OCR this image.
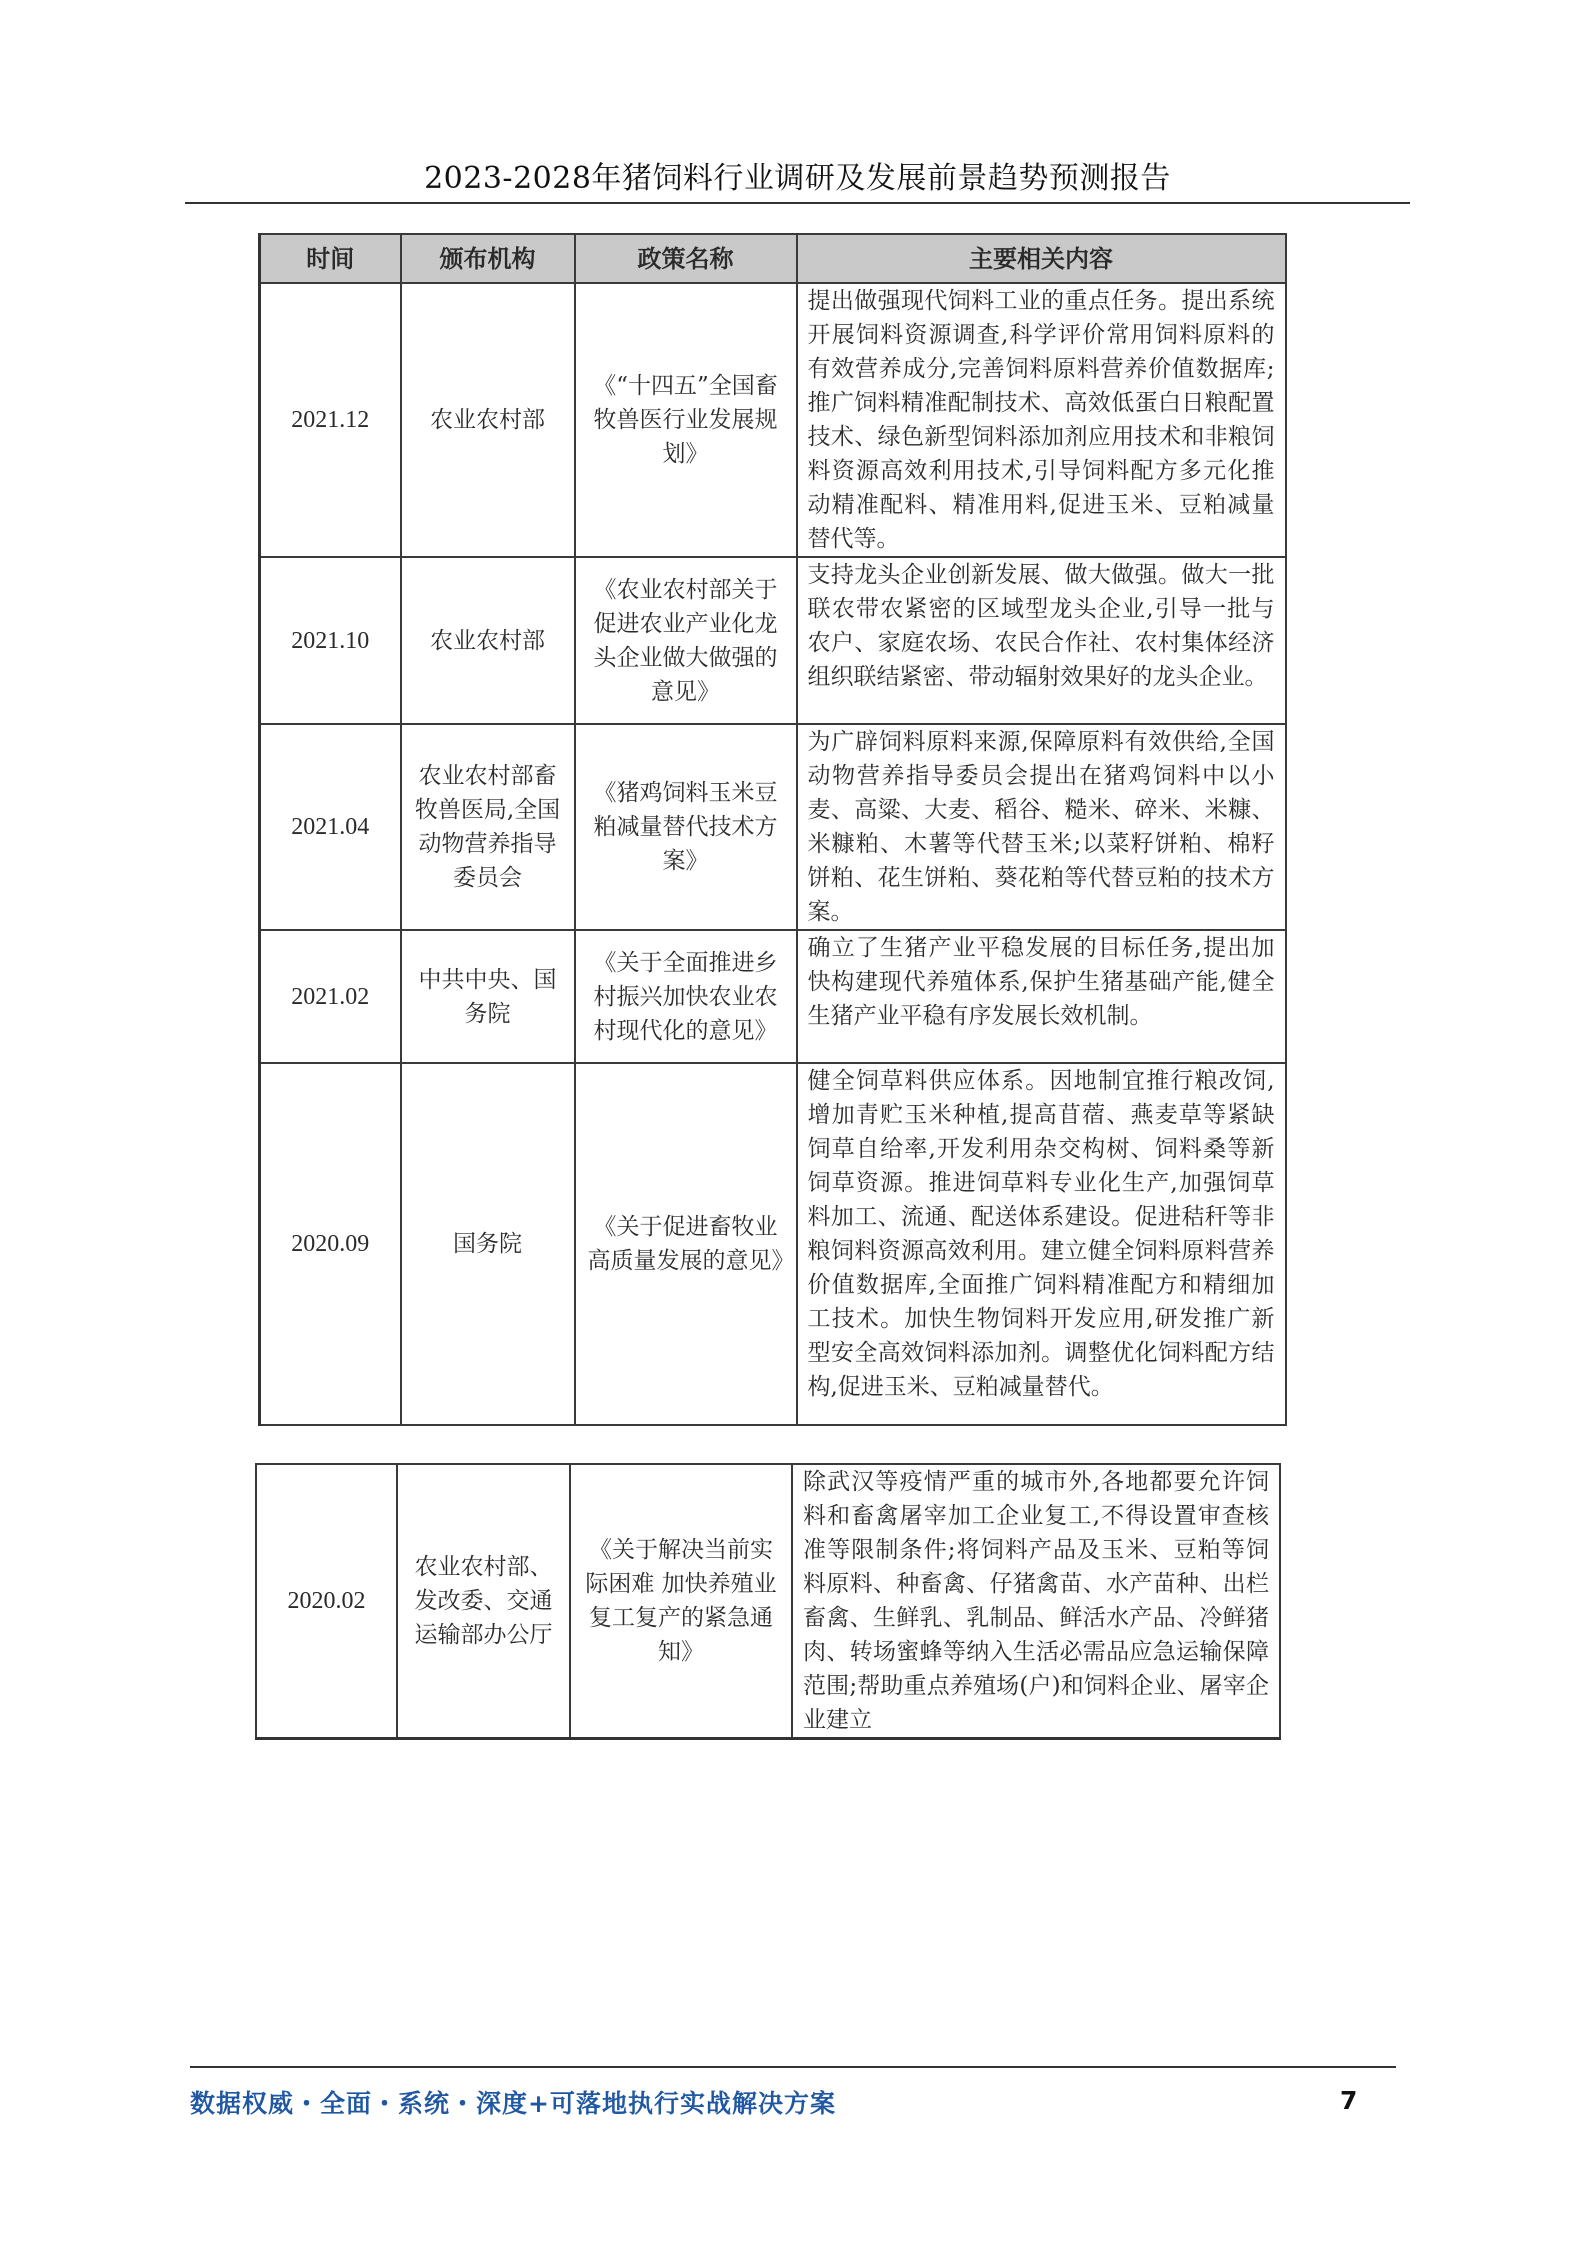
2023-2028年猪饲料行业调研及发展前景趋势预测报告
时间	颁布机构	政策名称	主要相关内容
2021.12	农业农村部	《“十四五”全国畜牧兽医行业发展规划》	提出做强现代饲料工业的重点任务。提出系统开展饲料资源调查,科学评价常用饲料原料的有效营养成分,完善饲料原料营养价值数据库;推广饲料精准配制技术、高效低蛋白日粮配置技术、绿色新型饲料添加剂应用技术和非粮饲料资源高效利用技术,引导饲料配方多元化推动精准配料、精准用料,促进玉米、豆粕减量替代等。
2021.10	农业农村部	《农业农村部关于促进农业产业化龙头企业做大做强的意见》	支持龙头企业创新发展、做大做强。做大一批联农带农紧密的区域型龙头企业,引导一批与农户、家庭农场、农民合作社、农村集体经济组织联结紧密、带动辐射效果好的龙头企业。
2021.04	农业农村部畜牧兽医局,全国动物营养指导委员会	《猪鸡饲料玉米豆粕减量替代技术方案》	为广辟饲料原料来源,保障原料有效供给,全国动物营养指导委员会提出在猪鸡饲料中以小麦、高粱、大麦、稻谷、糙米、碎米、米糠、米糠粕、木薯等代替玉米;以菜籽饼粕、棉籽饼粕、花生饼粕、葵花粕等代替豆粕的技术方案。
2021.02	中共中央、国务院	《关于全面推进乡村振兴加快农业农村现代化的意见》	确立了生猪产业平稳发展的目标任务,提出加快构建现代养殖体系,保护生猪基础产能,健全生猪产业平稳有序发展长效机制。
2020.09	国务院	《关于促进畜牧业高质量发展的意见》	健全饲草料供应体系。因地制宜推行粮改饲,增加青贮玉米种植,提高苜蓿、燕麦草等紧缺饲草自给率,开发利用杂交构树、饲料桑等新饲草资源。推进饲草料专业化生产,加强饲草料加工、流通、配送体系建设。促进秸秆等非粮饲料资源高效利用。建立健全饲料原料营养价值数据库,全面推广饲料精准配方和精细加工技术。加快生物饲料开发应用,研发推广新型安全高效饲料添加剂。调整优化饲料配方结构,促进玉米、豆粕减量替代。
2020.02	农业农村部、发改委、交通运输部办公厅	《关于解决当前实际困难 加快养殖业复工复产的紧急通知》	除武汉等疫情严重的城市外,各地都要允许饲料和畜禽屠宰加工企业复工,不得设置审查核准等限制条件;将饲料产品及玉米、豆粕等饲料原料、种畜禽、仔猪禽苗、水产苗种、出栏畜禽、生鲜乳、乳制品、鲜活水产品、冷鲜猪肉、转场蜜蜂等纳入生活必需品应急运输保障范围;帮助重点养殖场(户)和饲料企业、屠宰企业建立
数据权威・全面・系统・深度+可落地执行实战解决方案	7
